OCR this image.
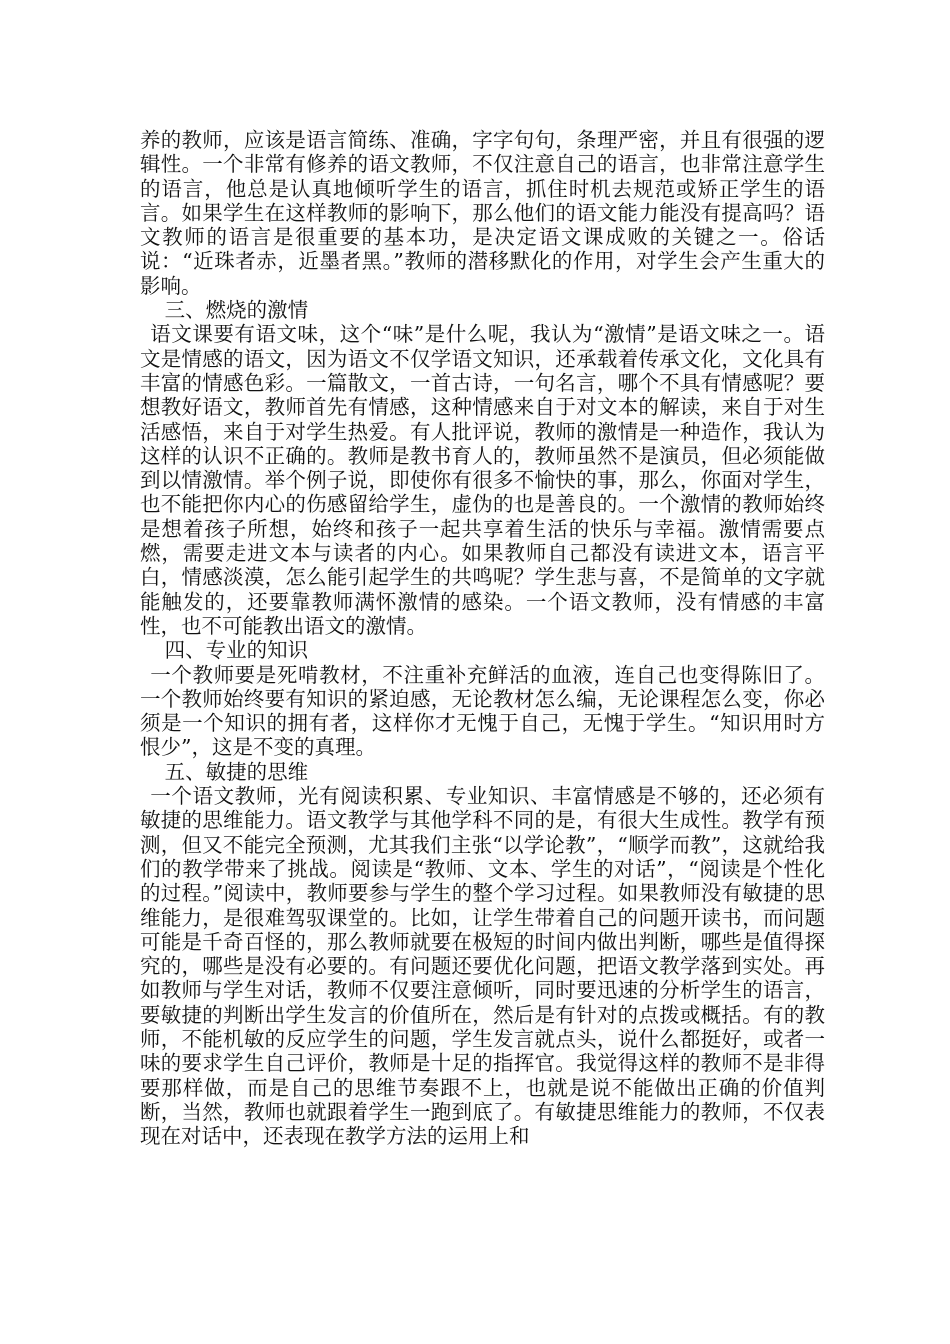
养的教师，应该是语言简练、准确，字字句句，条理严密，并且有很强的逻辑性。一个非常有修养的语文教师，不仅注意自己的语言，也非常注意学生的语言，他总是认真地倾听学生的语言，抓住时机去规范或矫正学生的语言。如果学生在这样教师的影响下，那么他们的语文能力能没有提高吗？语文教师的语言是很重要的基本功，是决定语文课成败的关键之一。俗话说：“近珠者赤，近墨者黑。”教师的潜移默化的作用，对学生会产生重大的影响。

三、燃烧的激情

语文课要有语文味，这个“味”是什么呢，我认为“激情”是语文味之一。语文是情感的语文，因为语文不仅学语文知识，还承载着传承文化，文化具有丰富的情感色彩。一篇散文，一首古诗，一句名言，哪个不具有情感呢？要想教好语文，教师首先有情感，这种情感来自于对文本的解读，来自于对生活感悟，来自于对学生热爱。有人批评说，教师的激情是一种造作，我认为这样的认识不正确的。教师是教书育人的，教师虽然不是演员，但必须能做到以情激情。举个例子说，即使你有很多不愉快的事，那么，你面对学生，也不能把你内心的伤感留给学生，虚伪的也是善良的。一个激情的教师始终是想着孩子所想，始终和孩子一起共享着生活的快乐与幸福。激情需要点燃，需要走进文本与读者的内心。如果教师自己都没有读进文本，语言平白，情感淡漠，怎么能引起学生的共鸣呢？学生悲与喜，不是简单的文字就能触发的，还要靠教师满怀激情的感染。一个语文教师，没有情感的丰富性，也不可能教出语文的激情。

四、专业的知识

一个教师要是死啃教材，不注重补充鲜活的血液，连自己也变得陈旧了。一个教师始终要有知识的紧迫感，无论教材怎么编，无论课程怎么变，你必须是一个知识的拥有者，这样你才无愧于自己，无愧于学生。“知识用时方恨少”，这是不变的真理。

五、敏捷的思维

一个语文教师，光有阅读积累、专业知识、丰富情感是不够的，还必须有敏捷的思维能力。语文教学与其他学科不同的是，有很大生成性。教学有预测，但又不能完全预测，尤其我们主张“以学论教”，“顺学而教”，这就给我们的教学带来了挑战。阅读是“教师、文本、学生的对话”，“阅读是个性化的过程。”阅读中，教师要参与学生的整个学习过程。如果教师没有敏捷的思维能力，是很难驾驭课堂的。比如，让学生带着自己的问题开读书，而问题可能是千奇百怪的，那么教师就要在极短的时间内做出判断，哪些是值得探究的，哪些是没有必要的。有问题还要优化问题，把语文教学落到实处。再如教师与学生对话，教师不仅要注意倾听，同时要迅速的分析学生的语言，要敏捷的判断出学生发言的价值所在，然后是有针对的点拨或概括。有的教师，不能机敏的反应学生的问题，学生发言就点头，说什么都挺好，或者一味的要求学生自己评价，教师是十足的指挥官。我觉得这样的教师不是非得要那样做，而是自己的思维节奏跟不上，也就是说不能做出正确的价值判断，当然，教师也就跟着学生一跑到底了。有敏捷思维能力的教师，不仅表现在对话中，还表现在教学方法的运用上和
